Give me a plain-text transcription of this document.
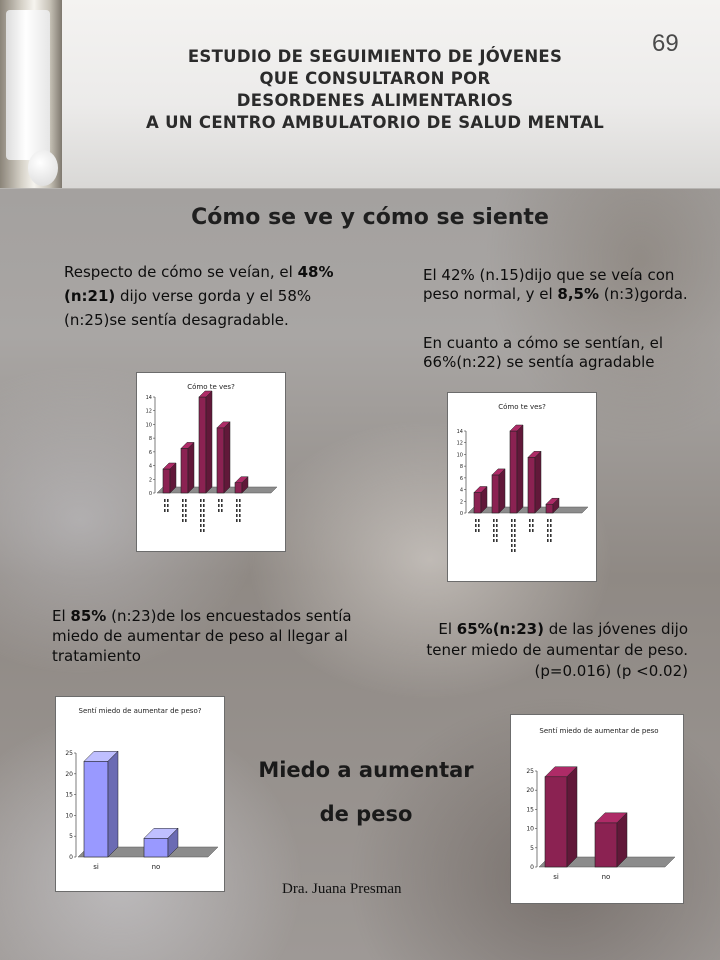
ESTUDIO DE SEGUIMIENTO DE JÓVENES
QUE CONSULTARON POR
DESORDENES ALIMENTARIOS
A UN CENTRO AMBULATORIO DE SALUD MENTAL
69
Cómo se ve y cómo se siente
Respecto de cómo se veían, el 48%(n:21) dijo verse gorda y el 58% (n:25)se sentía desagradable.
El 42% (n.15)dijo que se veía con peso normal, y el 8,5% (n:3)gorda.
En cuanto a cómo se sentían, el 66%(n:22) se sentía agradable
Cómo te ves?
0
2
4
6
8
10
12
14
Cómo te ves?
0
2
4
6
8
10
12
14
El 85% (n:23)de los encuestados sentía miedo de aumentar de peso al llegar al tratamiento
El 65%(n:23) de las jóvenes dijo tener miedo de aumentar de peso. (p=0.016) (p <0.02)
Sentí miedo de aumentar de peso?
0
5
10
15
20
25
si	no
Sentí miedo de aumentar de peso
0
5
10
15
20
25
si	no
Miedo a aumentar
de peso
Dra. Juana Presman
